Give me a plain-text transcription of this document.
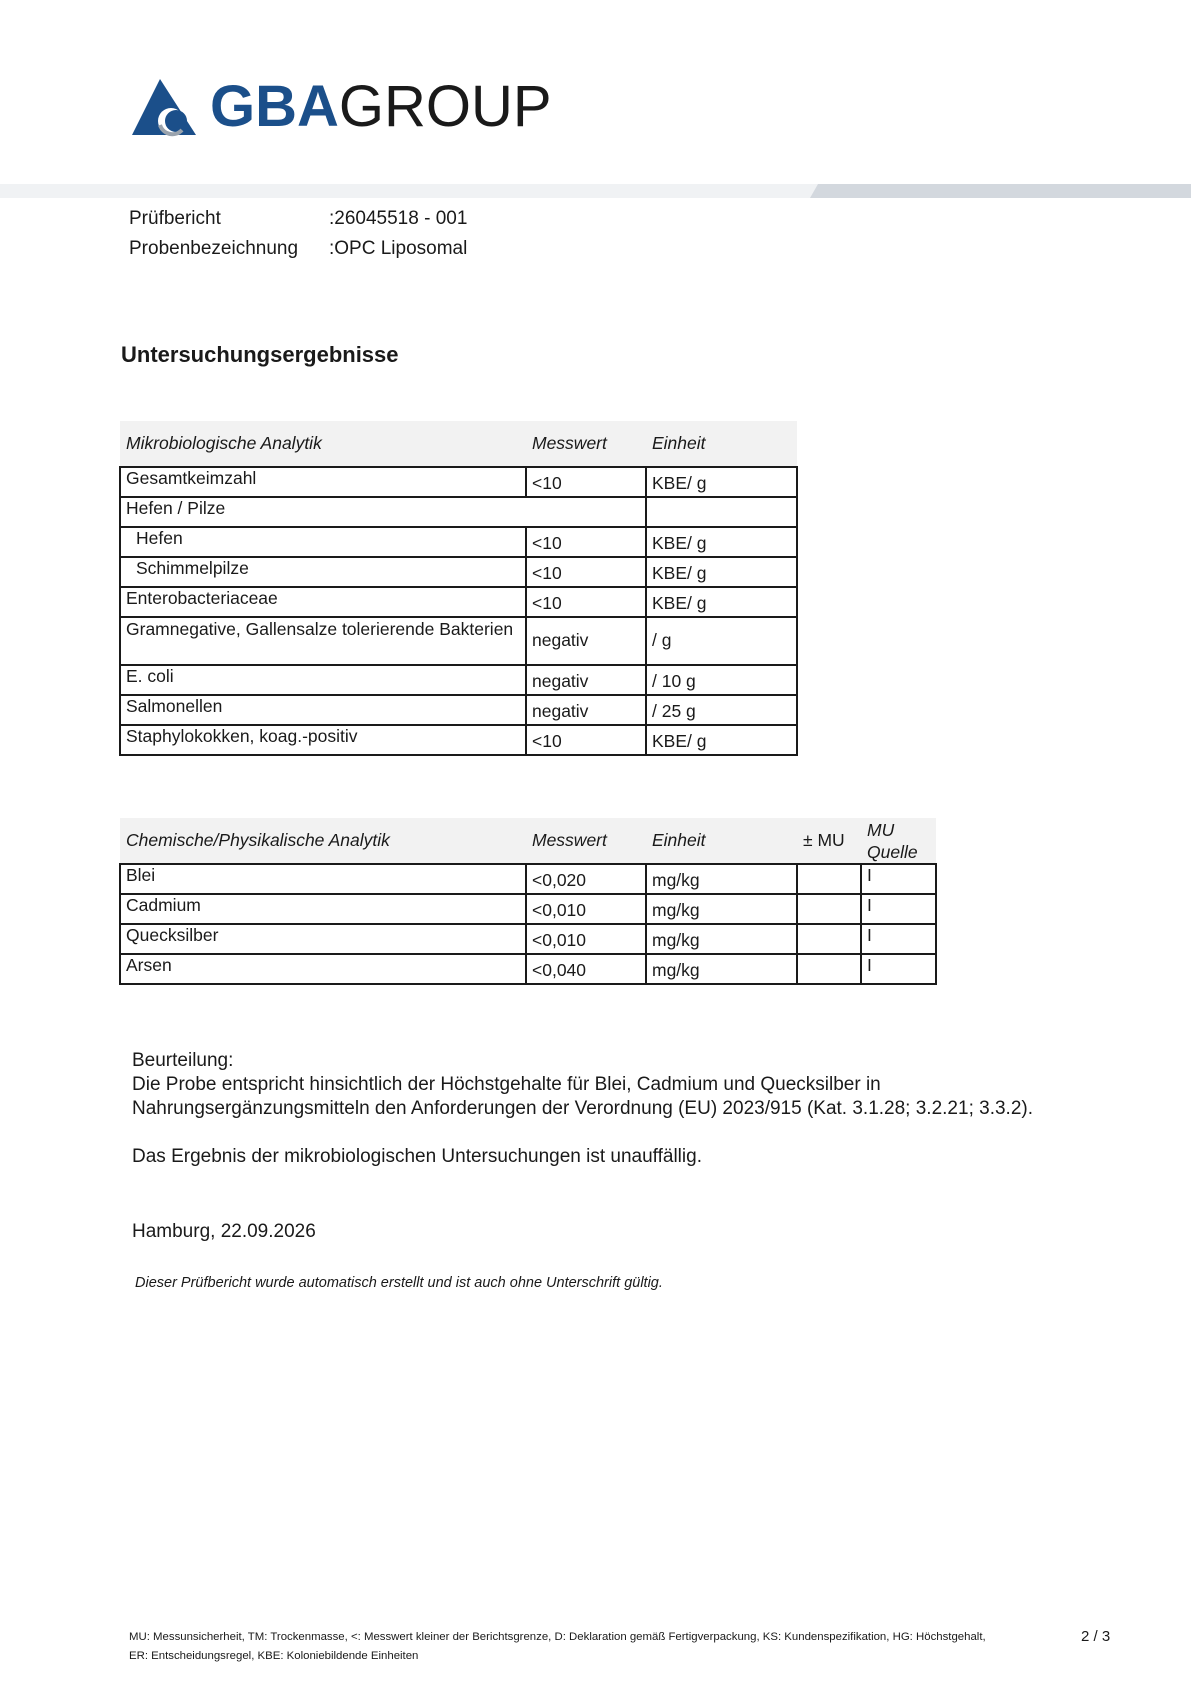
GBAGROUP
Prüfbericht	:26045518 - 001
Probenbezeichnung :OPC Liposomal
Untersuchungsergebnisse
Mikrobiologische Analytik	Messwert	Einheit
Gesamtkeimzahl	<10	KBE/ g
Hefen / Pilze		
Hefen	<10	KBE/ g
Schimmelpilze	<10	KBE/ g
Enterobacteriaceae	<10	KBE/ g
Gramnegative, Gallensalze tolerierende Bakterien	negativ	/ g
E. coli	negativ	/ 10 g
Salmonellen	negativ	/ 25 g
Staphylokokken, koag.-positiv	<10	KBE/ g
Chemische/Physikalische Analytik	Messwert	Einheit	± MU	MU
Quelle

Blei	<0,020	mg/kg		I
Cadmium	<0,010	mg/kg		I
Quecksilber	<0,010	mg/kg		I
Arsen	<0,040	mg/kg		I
Beurteilung:
Die Probe entspricht hinsichtlich der Höchstgehalte für Blei, Cadmium und Quecksilber in
Nahrungsergänzungsmitteln den Anforderungen der Verordnung (EU) 2023/915 (Kat. 3.1.28; 3.2.21; 3.3.2).
Das Ergebnis der mikrobiologischen Untersuchungen ist unauffällig.
Hamburg, 22.09.2026
Dieser Prüfbericht wurde automatisch erstellt und ist auch ohne Unterschrift gültig.
MU: Messunsicherheit, TM: Trockenmasse, <: Messwert kleiner der Berichtsgrenze, D: Deklaration gemäß Fertigverpackung, KS: Kundenspezifikation, HG: Höchstgehalt,
ER: Entscheidungsregel, KBE: Koloniebildende Einheiten
2 / 3
